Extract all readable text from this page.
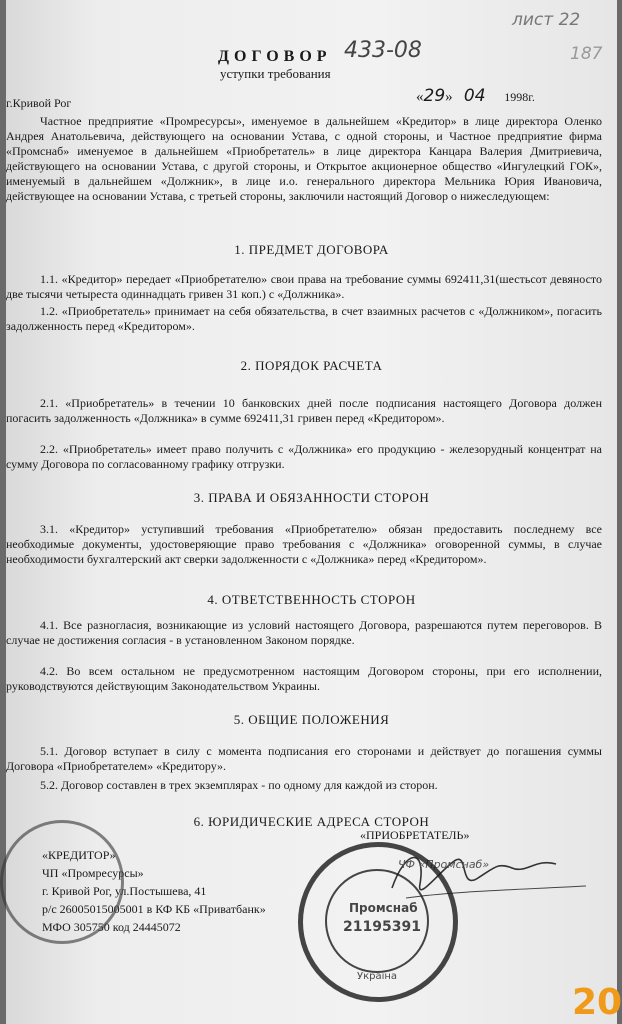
лист 22
187
ДОГОВОР 433-08
уступки требования
г.Кривой Рог	«29» 04 1998г.
Частное предприятие «Промресурсы», именуемое в дальнейшем «Кредитор» в лице директора Оленко Андрея Анатольевича, действующего на основании Устава, с одной стороны, и Частное предприятие фирма «Промснаб» именуемое в дальнейшем «Приобретатель» в лице директора Канцара Валерия Дмитриевича, действующего на основании Устава, с другой стороны, и Открытое акционерное общество «Ингулецкий ГОК», именуемый в дальнейшем «Должник», в лице и.о. генерального директора Мельника Юрия Ивановича, действующее на основании Устава, с третьей стороны, заключили настоящий Договор о нижеследующем:
1. ПРЕДМЕТ ДОГОВОРА
1.1. «Кредитор» передает «Приобретателю» свои права на требование суммы 692411,31(шестьсот девяносто две тысячи четыреста одиннадцать гривен 31 коп.) с «Должника».
1.2. «Приобретатель» принимает на себя обязательства, в счет взаимных расчетов с «Должником», погасить задолженность перед «Кредитором».
2. ПОРЯДОК РАСЧЕТА
2.1. «Приобретатель» в течении 10 банковских дней после подписания настоящего Договора должен погасить задолженность «Должника» в сумме 692411,31 гривен перед «Кредитором».
2.2. «Приобретатель» имеет право получить с «Должника» его продукцию - железорудный концентрат на сумму Договора по согласованному графику отгрузки.
3. ПРАВА И ОБЯЗАННОСТИ СТОРОН
3.1. «Кредитор» уступивший требования «Приобретателю» обязан предоставить последнему все необходимые документы, удостоверяющие право требования с «Должника» оговоренной суммы, в случае необходимости бухгалтерский акт сверки задолженности с «Должника» перед «Кредитором».
4. ОТВЕТСТВЕННОСТЬ СТОРОН
4.1. Все разногласия, возникающие из условий настоящего Договора, разрешаются путем переговоров. В случае не достижения согласия - в установленном Законом порядке.
4.2. Во всем остальном не предусмотренном настоящим Договором стороны, при его исполнении, руководствуются действующим Законодательством Украины.
5. ОБЩИЕ ПОЛОЖЕНИЯ
5.1. Договор вступает в силу с момента подписания его сторонами и действует до погашения суммы Договора «Приобретателем» «Кредитору».
5.2. Договор составлен в трех экземплярах - по одному для каждой из сторон.
6. ЮРИДИЧЕСКИЕ АДРЕСА СТОРОН
«КРЕДИТОР»
ЧП «Промресурсы»
г. Кривой Рог, ул.Постышева, 41
р/с 26005015005001 в КФ КБ «Приватбанк»
МФО 305750 код 24445072
«ПРИОБРЕТАТЕЛЬ»
ЧФ «Промснаб»
Промснаб
21195391
Україна
20
